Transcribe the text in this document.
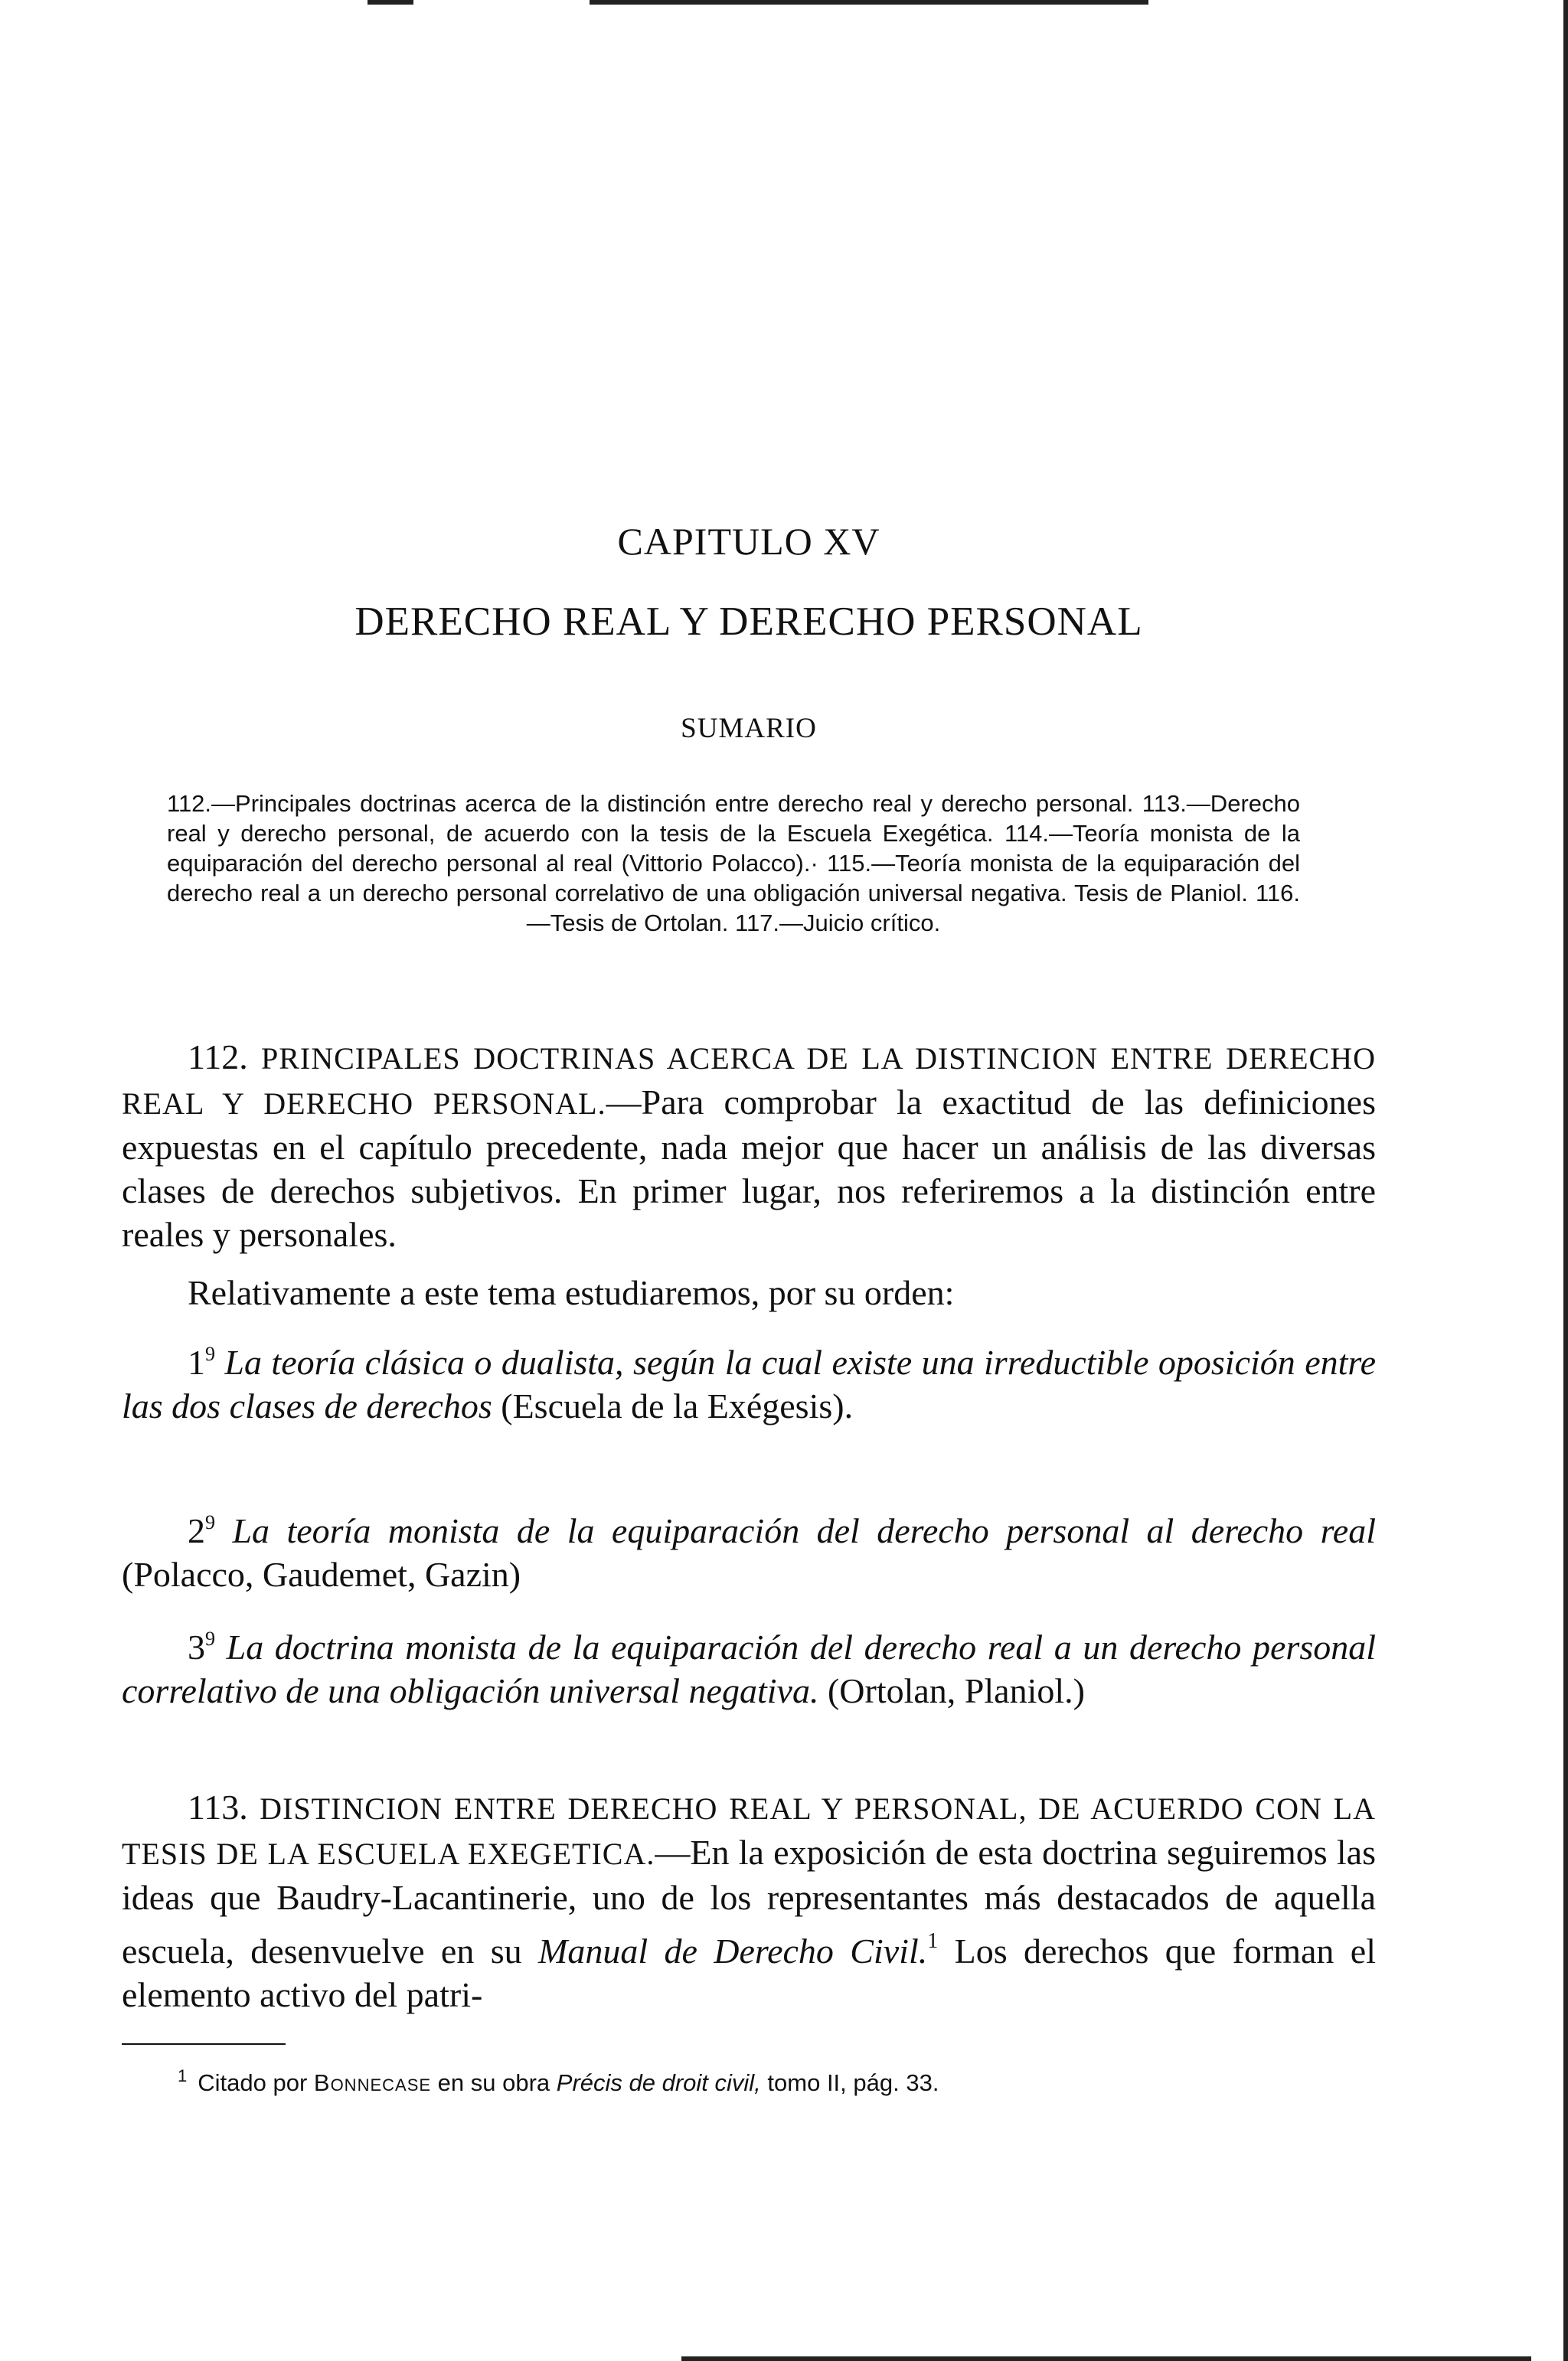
CAPITULO XV
DERECHO REAL Y DERECHO PERSONAL
SUMARIO
112.—Principales doctrinas acerca de la distinción entre derecho real y derecho personal. 113.—Derecho real y derecho personal, de acuerdo con la tesis de la Escuela Exegética. 114.—Teoría monista de la equiparación del derecho personal al real (Vittorio Polacco).· 115.—Teoría monista de la equiparación del derecho real a un derecho personal correlativo de una obligación universal negativa. Tesis de Planiol. 116.—Tesis de Ortolan. 117.—Juicio crítico.
112. PRINCIPALES DOCTRINAS ACERCA DE LA DISTINCION ENTRE DERECHO REAL Y DERECHO PERSONAL.—Para comprobar la exactitud de las definiciones expuestas en el capítulo precedente, nada mejor que hacer un análisis de las diversas clases de derechos subjetivos. En primer lugar, nos referiremos a la distinción entre reales y personales.
Relativamente a este tema estudiaremos, por su orden:
$1^9$ La teoría clásica o dualista, según la cual existe una irreductible oposición entre las dos clases de derechos (Escuela de la Exégesis).
$2^9$ La teoría monista de la equiparación del derecho personal al derecho real (Polacco, Gaudemet, Gazin)
$3^9$ La doctrina monista de la equiparación del derecho real a un derecho personal correlativo de una obligación universal negativa. (Ortolan, Planiol.)
113. DISTINCION ENTRE DERECHO REAL Y PERSONAL, DE ACUERDO CON LA TESIS DE LA ESCUELA EXEGETICA.—En la exposición de esta doctrina seguiremos las ideas que Baudry-Lacantinerie, uno de los representantes más destacados de aquella escuela, desenvuelve en su Manual de Derecho Civil.$^1$ Los derechos que forman el elemento activo del patri-
$^1$ Citado por Bonnecase en su obra Précis de droit civil, tomo II, pág. 33.
